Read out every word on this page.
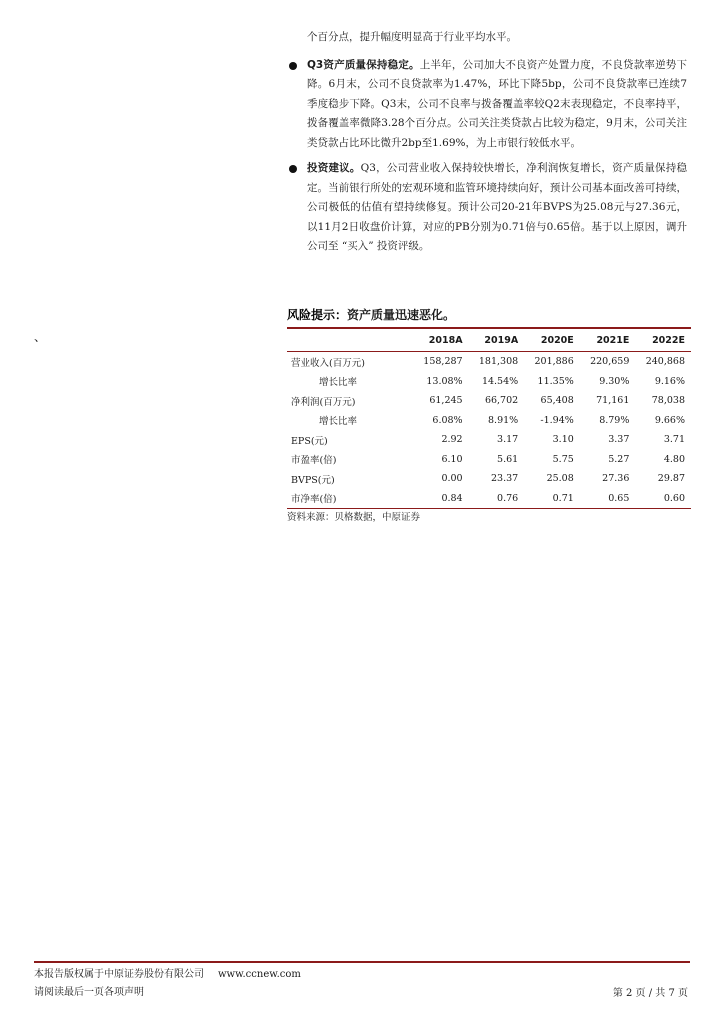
个百分点，提升幅度明显高于行业平均水平。

Q3资产质量保持稳定。上半年，公司加大不良资产处置力度，不良贷款率逆势下降。6月末，公司不良贷款率为1.47%，环比下降5bp，公司不良贷款率已连续7季度稳步下降。Q3末，公司不良率与拨备覆盖率较Q2末表现稳定，不良率持平，拨备覆盖率微降3.28个百分点。公司关注类贷款占比较为稳定，9月末，公司关注类贷款占比环比微升2bp至1.69%，为上市银行较低水平。

投资建议。Q3，公司营业收入保持较快增长，净利润恢复增长，资产质量保持稳定。当前银行所处的宏观环境和监管环境持续向好，预计公司基本面改善可持续，公司极低的估值有望持续修复。预计公司20-21年BVPS为25.08元与27.36元，以11月2日收盘价计算，对应的PB分别为0.71倍与0.65倍。基于以上原因，调升公司至 “买入” 投资评级。

风险提示：资产质量迅速恶化。
、
		2018A	2019A	2020E	2021E	2022E
营业收入(百万元)	158,287	181,308	201,886	220,659	240,868
增长比率	13.08%	14.54%	11.35%	9.30%	9.16%
净利润(百万元)	61,245	66,702	65,408	71,161	78,038
增长比率	6.08%	8.91%	-1.94%	8.79%	9.66%
EPS(元)	2.92	3.17	3.10	3.37	3.71
市盈率(倍)	6.10	5.61	5.75	5.27	4.80
BVPS(元)	0.00	23.37	25.08	27.36	29.87
市净率(倍)	0.84	0.76	0.71	0.65	0.60
资料来源：贝格数据，中原证券
本报告版权属于中原证券股份有限公司 www.ccnew.com
请阅读最后一页各项声明	第 2 页 / 共 7 页
